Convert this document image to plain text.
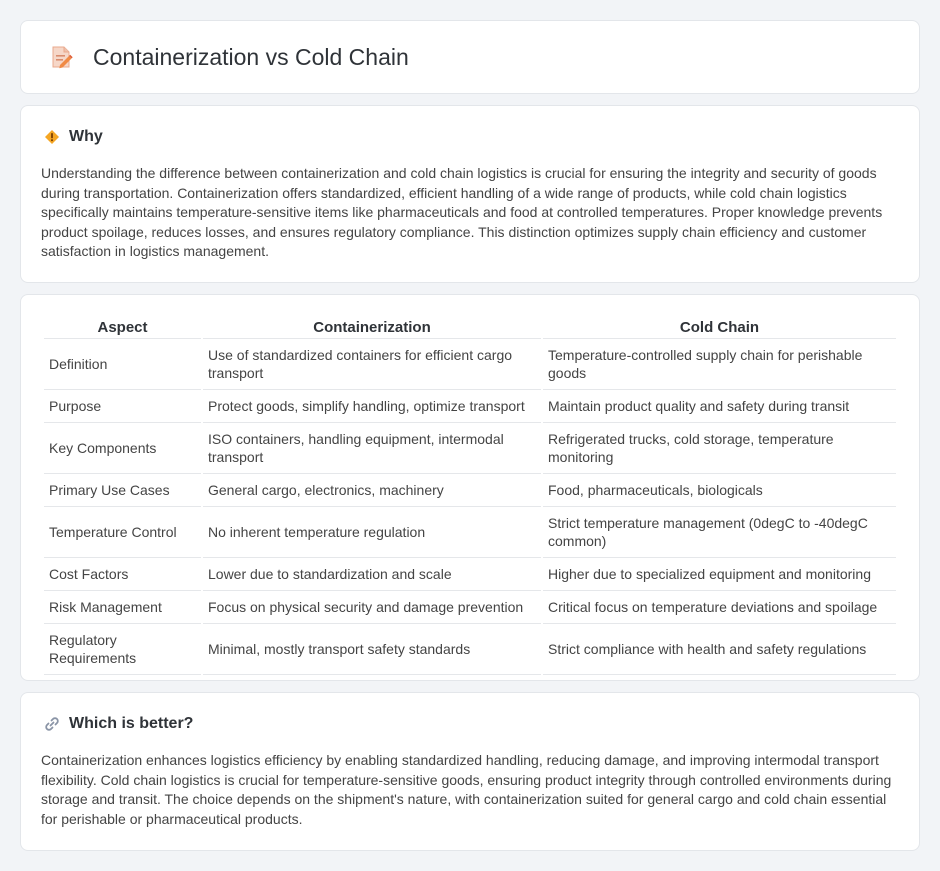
Containerization vs Cold Chain
Why

Understanding the difference between containerization and cold chain logistics is crucial for ensuring the integrity and security of goods during transportation. Containerization offers standardized, efficient handling of a wide range of products, while cold chain logistics specifically maintains temperature-sensitive items like pharmaceuticals and food at controlled temperatures. Proper knowledge prevents product spoilage, reduces losses, and ensures regulatory compliance. This distinction optimizes supply chain efficiency and customer satisfaction in logistics management.

Aspect	Containerization	Cold Chain
Definition	Use of standardized containers for efficient cargo transport	Temperature-controlled supply chain for perishable goods
Purpose	Protect goods, simplify handling, optimize transport	Maintain product quality and safety during transit
Key Components	ISO containers, handling equipment, intermodal transport	Refrigerated trucks, cold storage, temperature monitoring
Primary Use Cases	General cargo, electronics, machinery	Food, pharmaceuticals, biologicals
Temperature Control	No inherent temperature regulation	Strict temperature management (0degC to -40degC common)
Cost Factors	Lower due to standardization and scale	Higher due to specialized equipment and monitoring
Risk Management	Focus on physical security and damage prevention	Critical focus on temperature deviations and spoilage
Regulatory Requirements	Minimal, mostly transport safety standards	Strict compliance with health and safety regulations
Which is better?

Containerization enhances logistics efficiency by enabling standardized handling, reducing damage, and improving intermodal transport flexibility. Cold chain logistics is crucial for temperature-sensitive goods, ensuring product integrity through controlled environments during storage and transit. The choice depends on the shipment's nature, with containerization suited for general cargo and cold chain essential for perishable or pharmaceutical products.
